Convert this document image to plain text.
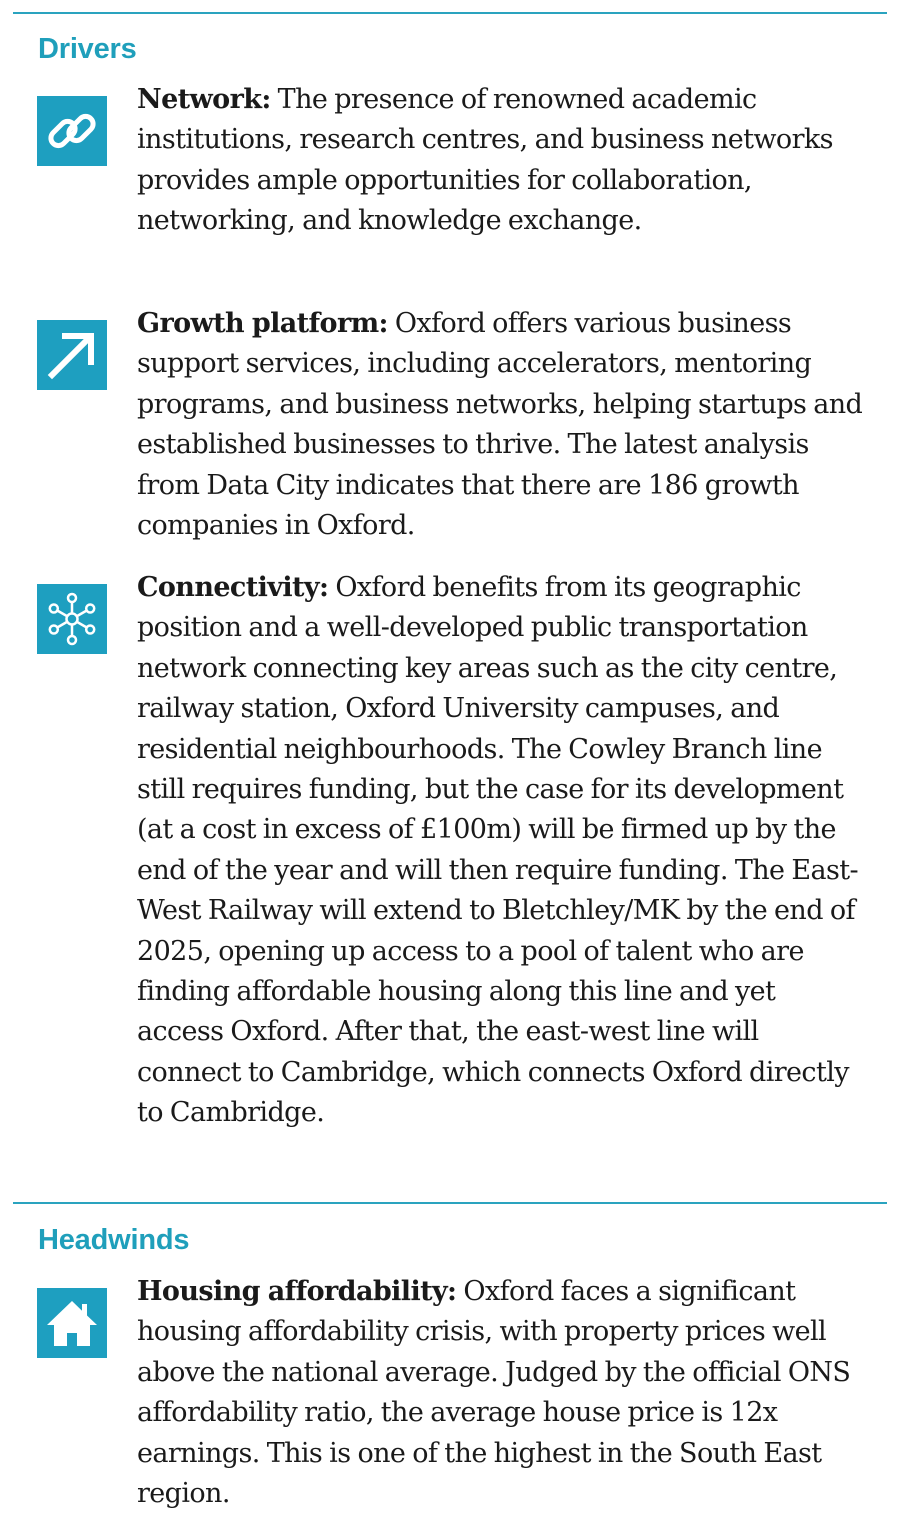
Drivers
Network: The presence of renowned academic institutions, research centres, and business networks provides ample opportunities for collaboration, networking, and knowledge exchange.
Growth platform: Oxford offers various business support services, including accelerators, mentoring programs, and business networks, helping startups and established businesses to thrive. The latest analysis from Data City indicates that there are 186 growth companies in Oxford.
Connectivity: Oxford benefits from its geographic position and a well-developed public transportation network connecting key areas such as the city centre, railway station, Oxford University campuses, and residential neighbourhoods. The Cowley Branch line still requires funding, but the case for its development (at a cost in excess of £100m) will be firmed up by the end of the year and will then require funding. The East-West Railway will extend to Bletchley/MK by the end of 2025, opening up access to a pool of talent who are finding affordable housing along this line and yet access Oxford. After that, the east-west line will connect to Cambridge, which connects Oxford directly to Cambridge.
Headwinds
Housing affordability: Oxford faces a significant housing affordability crisis, with property prices well above the national average. Judged by the official ONS affordability ratio, the average house price is 12x earnings. This is one of the highest in the South East region.
